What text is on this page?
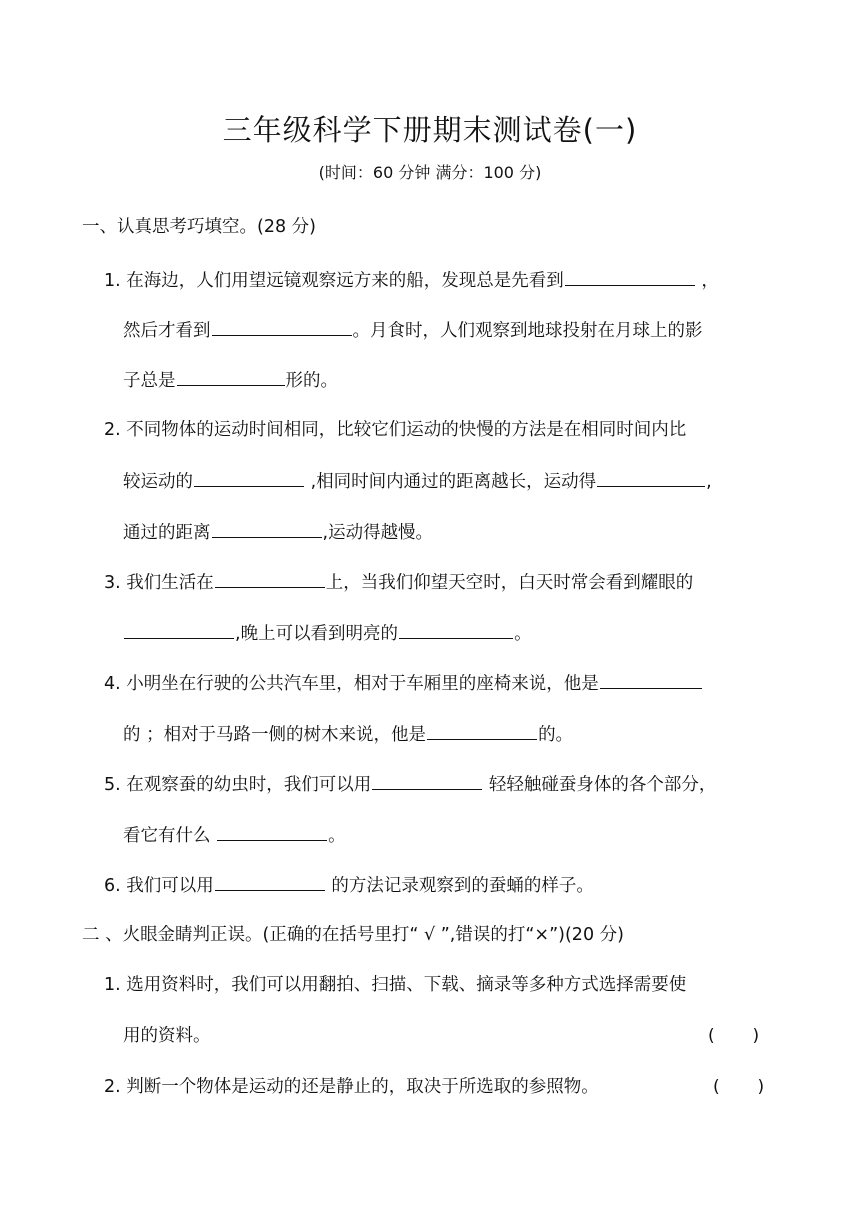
三年级科学下册期末测试卷(一)
(时间：60 分钟 满分：100 分)
一、认真思考巧填空。(28 分)
1. 在海边，人们用望远镜观察远方来的船，发现总是先看到	，
然后才看到	。月食时，人们观察到地球投射在月球上的影
子总是	形的。
2. 不同物体的运动时间相同，比较它们运动的快慢的方法是在相同时间内比
较运动的	,相同时间内通过的距离越长，运动得	,
通过的距离	,运动得越慢。
3. 我们生活在	上，当我们仰望天空时，白天时常会看到耀眼的
,晚上可以看到明亮的	。
4. 小明坐在行驶的公共汽车里，相对于车厢里的座椅来说，他是
的 ；相对于马路一侧的树木来说，他是	的。
5. 在观察蚕的幼虫时，我们可以用	轻轻触碰蚕身体的各个部分，
看它有什么	。
6. 我们可以用	的方法记录观察到的蚕蛹的样子。
二 、火眼金睛判正误。(正确的在括号里打“ √ ”,错误的打“×”)(20 分)
1. 选用资料时，我们可以用翻拍、扫描、下载、摘录等多种方式选择需要使
用的资料。	(       )
2. 判断一个物体是运动的还是静止的，取决于所选取的参照物。	(       )
